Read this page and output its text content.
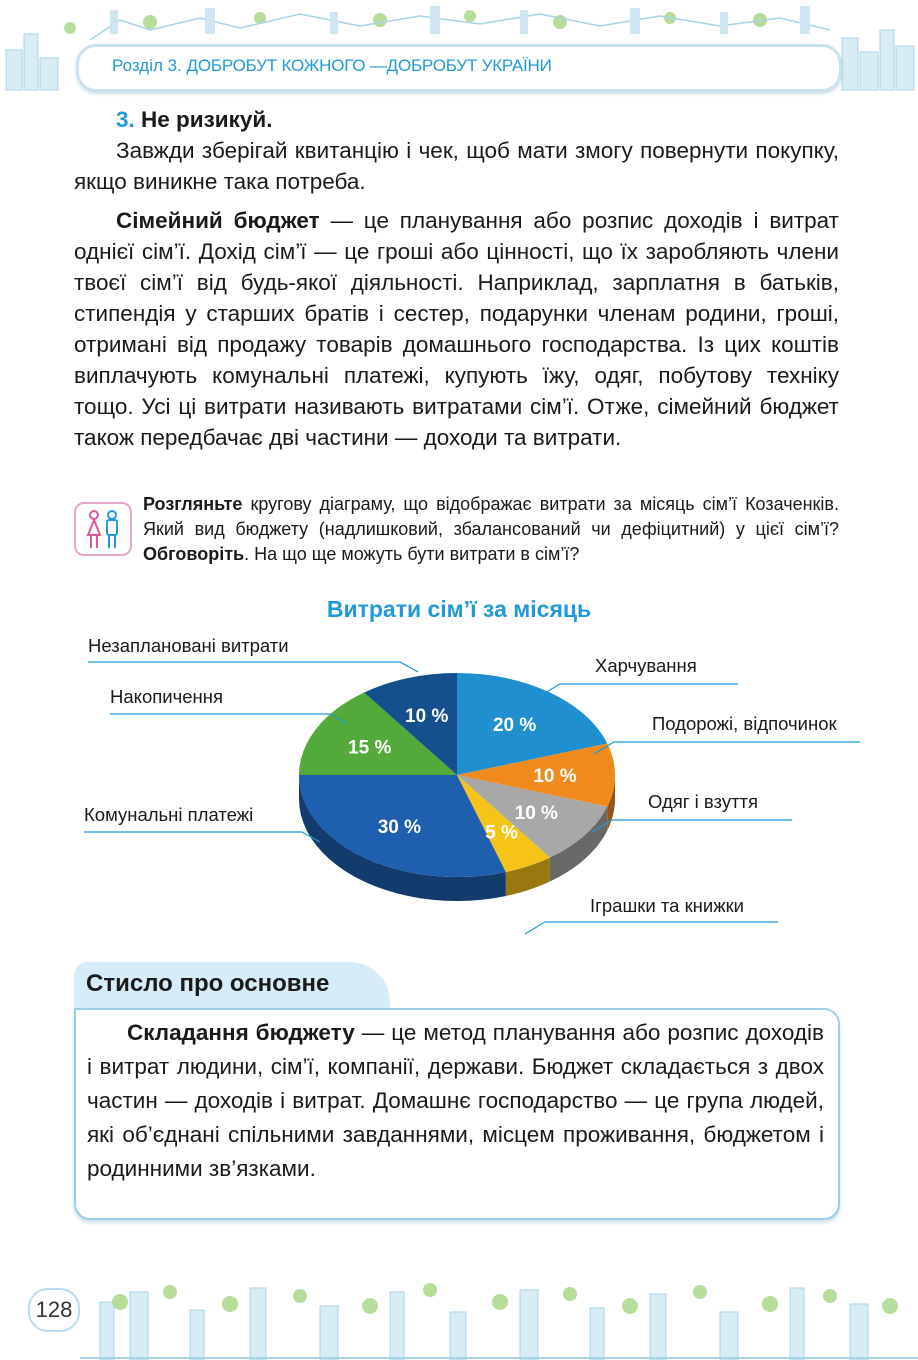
Розділ 3. ДОБРОБУТ КОЖНОГО —ДОБРОБУТ УКРАЇНИ
3. Не ризикуй.
Завжди зберігай квитанцію і чек, щоб мати змогу повернути покупку, якщо виникне така потреба.
Сімейний бюджет — це планування або розпис доходів і витрат однієї сім’ї. Дохід сім’ї — це гроші або цінності, що їх заробляють члени твоєї сім’ї від будь-якої діяльності. Наприклад, зарплатня в батьків, стипендія у старших братів і сестер, подарунки членам родини, гроші, отримані від продажу товарів домашнього господарства. Із цих коштів виплачують комунальні платежі, купують їжу, одяг, побутову техніку тощо. Усі ці витрати називають витратами сім’ї. Отже, сімейний бюджет також передбачає дві частини — доходи та витрати.
Розгляньте кругову діаграму, що відображає витрати за місяць сім’ї Козаченків. Який вид бюджету (надлишковий, збалансований чи дефіцитний) у цієї сім’ї? Обговоріть. На що ще можуть бути витрати в сім’ї?
Витрати сім’ї за місяць
20 %
10 %
10 %
5 %
30 %
15 %
10 %
Харчування
Подорожі, відпочинок
Одяг і взуття
Іграшки та книжки
Комунальні платежі
Накопичення
Незаплановані витрати
Стисло про основне
Складання бюджету — це метод планування або розпис доходів і витрат людини, сім’ї, компанії, держави. Бюджет складається з двох частин — доходів і витрат. Домашнє господарство — це група людей, які об’єднані спільними завданнями, місцем проживання, бюджетом і родинними зв’язками.
128
